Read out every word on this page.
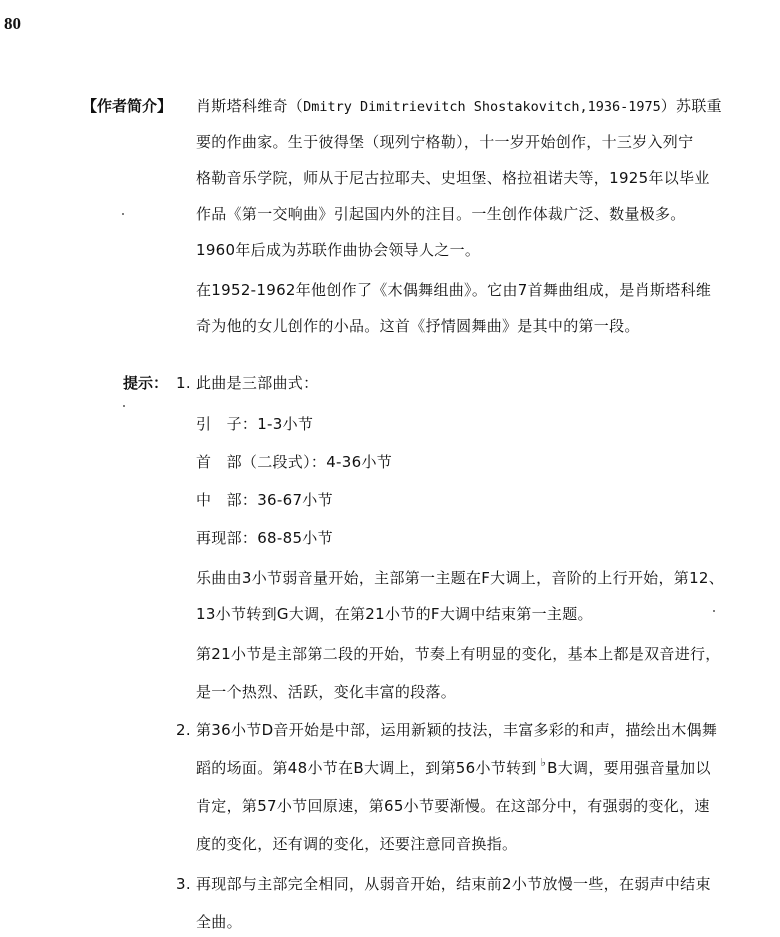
80
【作者简介】 肖斯塔科维奇（Dmitry Dimitrievitch Shostakovitch,1936-1975）苏联重
要的作曲家。生于彼得堡（现列宁格勒），十一岁开始创作，十三岁入列宁
格勒音乐学院，师从于尼古拉耶夫、史坦堡、格拉祖诺夫等，1925年以毕业
作品《第一交响曲》引起国内外的注目。一生创作体裁广泛、数量极多。
1960年后成为苏联作曲协会领导人之一。
在1952-1962年他创作了《木偶舞组曲》。它由7首舞曲组成，是肖斯塔科维
奇为他的女儿创作的小品。这首《抒情圆舞曲》是其中的第一段。
提示： 1. 此曲是三部曲式：
引　子：1-3小节
首　部（二段式）：4-36小节
中　部：36-67小节
再现部：68-85小节
乐曲由3小节弱音量开始，主部第一主题在F大调上，音阶的上行开始，第12、
13小节转到G大调，在第21小节的F大调中结束第一主题。
第21小节是主部第二段的开始，节奏上有明显的变化，基本上都是双音进行，
是一个热烈、活跃，变化丰富的段落。
2. 第36小节D音开始是中部，运用新颖的技法，丰富多彩的和声，描绘出木偶舞
蹈的场面。第48小节在B大调上，到第56小节转到 ♭B大调，要用强音量加以
肯定，第57小节回原速，第65小节要渐慢。在这部分中，有强弱的变化，速
度的变化，还有调的变化，还要注意同音换指。
3. 再现部与主部完全相同，从弱音开始，结束前2小节放慢一些，在弱声中结束
全曲。
